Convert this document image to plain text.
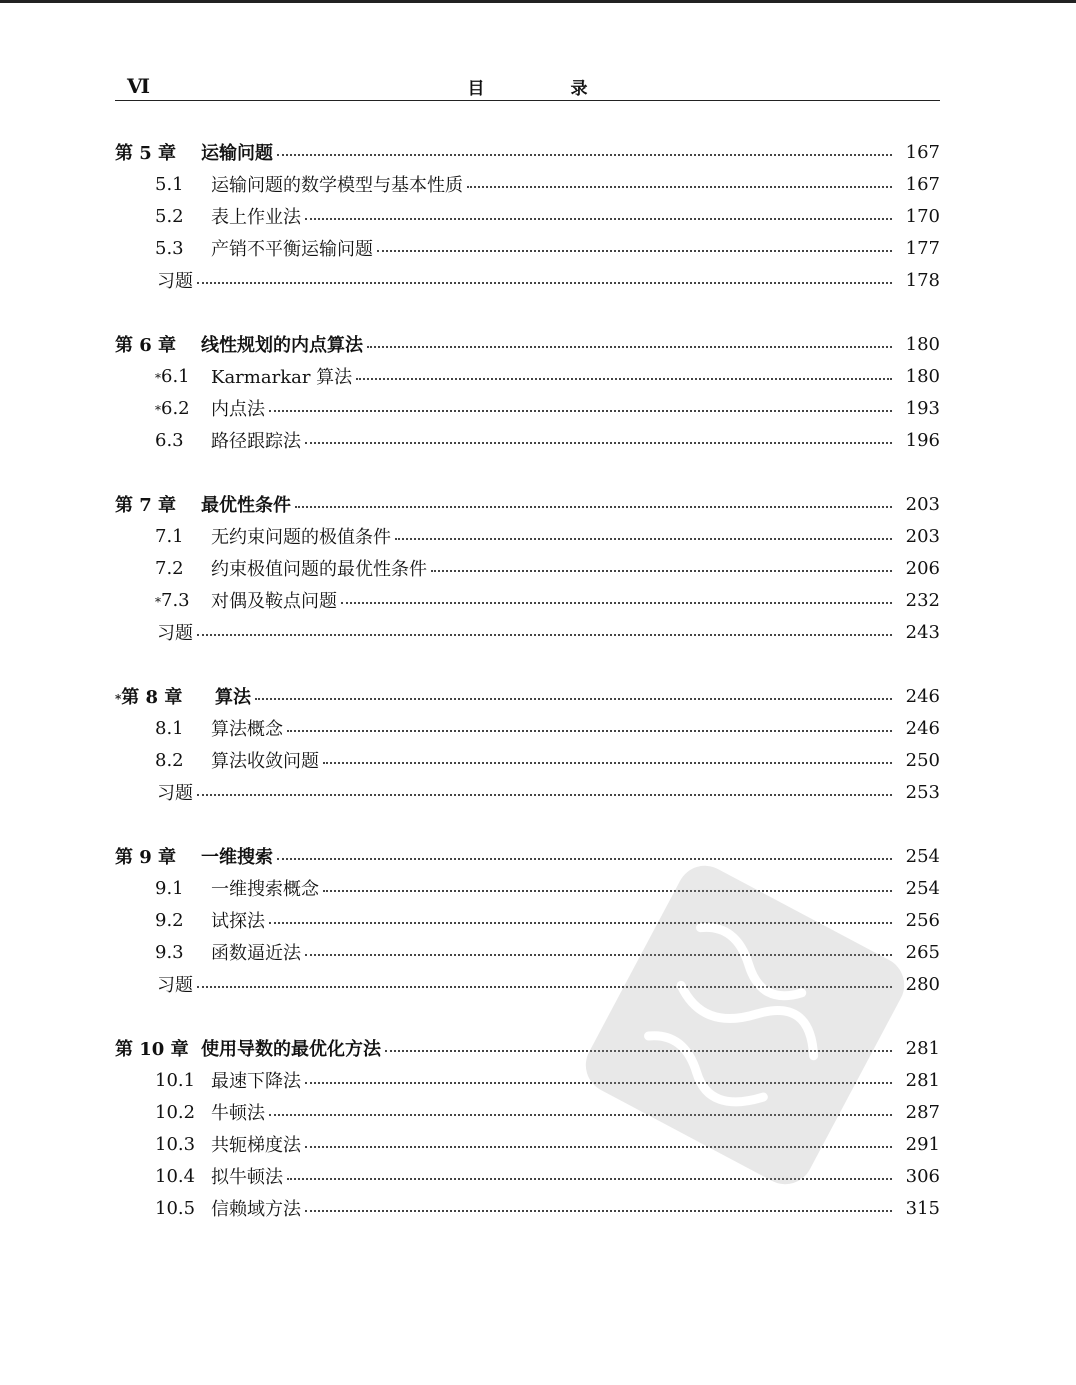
Ⅵ	目 录
第 5 章	运输问题	167
5.1	运输问题的数学模型与基本性质	167
5.2	表上作业法	170
5.3	产销不平衡运输问题	177
习题	178
第 6 章	线性规划的内点算法	180
*6.1	Karmarkar 算法	180
*6.2	内点法	193
6.3	路径跟踪法	196
第 7 章	最优性条件	203
7.1	无约束问题的极值条件	203
7.2	约束极值问题的最优性条件	206
*7.3	对偶及鞍点问题	232
习题	243
*第 8 章	算法	246
8.1	算法概念	246
8.2	算法收敛问题	250
习题	253
第 9 章	一维搜索	254
9.1	一维搜索概念	254
9.2	试探法	256
9.3	函数逼近法	265
习题	280
第 10 章 使用导数的最优化方法	281
10.1 最速下降法	281
10.2 牛顿法	287
10.3 共轭梯度法	291
10.4 拟牛顿法	306
10.5 信赖域方法	315
